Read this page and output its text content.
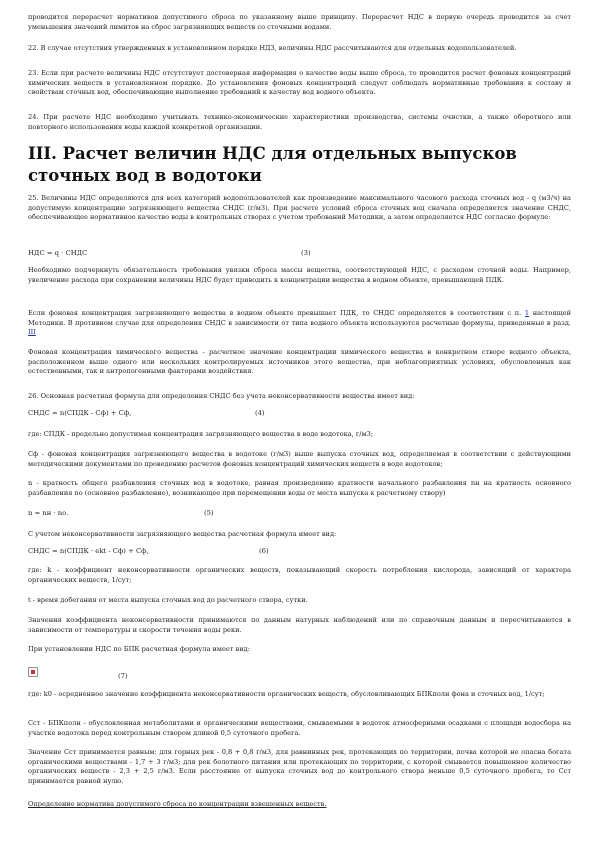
проводится перерасчет нормативов допустимого сброса по указанному выше принципу. Перерасчет НДС в первую очередь проводится за счет уменьшения значений лимитов на сброс загрязняющих веществ со сточными водами.

22. В случае отсутствия утвержденных в установленном порядке НДЗ, величины НДС рассчитываются для отдельных водопользователей.

23. Если при расчете величины НДС отсутствует достоверная информация о качестве воды выше сброса, то проводится расчет фоновых концентраций химических веществ в установленном порядке. До установления фоновых концентраций следует соблюдать нормативные требования к составу и свойствам сточных вод, обеспечивающие выполнение требований к качеству вод водного объекта.

24. При расчете НДС необходимо учитывать технико-экономические характеристики производства, системы очистки, а также оборотного или повторного использования воды каждой конкретной организации.

III. Расчет величин НДС для отдельных выпусков сточных вод в водотоки

25. Величины НДС определяются для всех категорий водопользователей как произведение максимального часового расхода сточных вод - q (м3/ч) на допустимую концентрацию загрязняющего вещества СНДС (г/м3). При расчете условий сброса сточных вод сначала определяется значение СНДС, обеспечивающее нормативное качество воды в контрольных створах с учетом требований Методики, а затем определяется НДС согласно формуле:

НДС = q · СНДС	(3)

Необходимо подчеркнуть обязательность требования увязки сброса массы вещества, соответствующей НДС, с расходом сточной воды. Например, увеличение расхода при сохранении величины НДС будет приводить к концентрации вещества в водном объекте, превышающей ПДК.

Если фоновая концентрация загрязняющего вещества в водном объекте превышает ПДК, то СНДС определяется в соответствии с п. 1 настоящей Методики. В противном случае для определения СНДС в зависимости от типа водного объекта используются расчетные формулы, приведенные в разд. III

Фоновая концентрация химического вещества - расчетное значение концентрации химического вещества в конкретном створе водного объекта, расположенном выше одного или нескольких контролируемых источников этого вещества, при неблагоприятных условиях, обусловленных как естественными, так и антропогенными факторами воздействия.

26. Основная расчетная формула для определения СНДС без учета неконсервативности вещества имеет вид:

СНДС = n(СПДК - Сф) + Сф,	(4)

где: СПДК - предельно допустимая концентрация загрязняющего вещества в воде водотока, г/м3;

Сф - фоновая концентрация загрязняющего вещества в водотоке (г/м3) выше выпуска сточных вод, определяемая в соответствии с действующими методическими документами по проведению расчетов фоновых концентраций химических веществ в воде водотоков;

n - кратность общего разбавления сточных вод в водотоке, равная произведению кратности начального разбавления nн на кратность основного разбавления nо (основное разбавление), возникающее при перемещении воды от места выпуска к расчетному створу)

n = nн · nо.	(5)

С учетом неконсервативности загрязняющего вещества расчетная формула имеет вид:

СНДС = n(СПДК · еkt - Сф) + Сф,	(6)

где: k - коэффициент неконсервативности органических веществ, показывающий скорость потребления кислорода, зависящий от характера органических веществ, 1/сут;

t - время добегания от места выпуска сточных вод до расчетного створа, сутки.

Значения коэффициента неконсервативности принимаются по данным натурных наблюдений или по справочным данным и пересчитываются в зависимости от температуры и скорости течения воды реки.

При установлении НДС по БПК расчетная формула имеет вид:

(7)

где: k0 - осредненное значение коэффициента неконсервативности органических веществ, обусловливающих БПКполн фона и сточных вод, 1/сут;

Сст - БПКполн - обусловленная метаболитами и органическими веществами, смываемыми в водоток атмосферными осадками с площади водосбора на участке водотока перед контрольным створом длиной 0,5 суточного пробега.

Значение Сст принимается равным: для горных рек - 0,8 + 0,8 г/м3, для равнинных рек, протекающих по территории, почва которой не опасна богата органическими веществами - 1,7 + 3 г/м3; для рек болотного питания или протекающих по территории, с которой смывается повышенное количество органических веществ - 2,3 + 2,5 г/м3. Если расстояние от выпуска сточных вод до контрольного створа меньше 0,5 суточного пробега, то Сст принимается равной нулю.

Определение норматива допустимого сброса по концентрации взвешенных веществ.
